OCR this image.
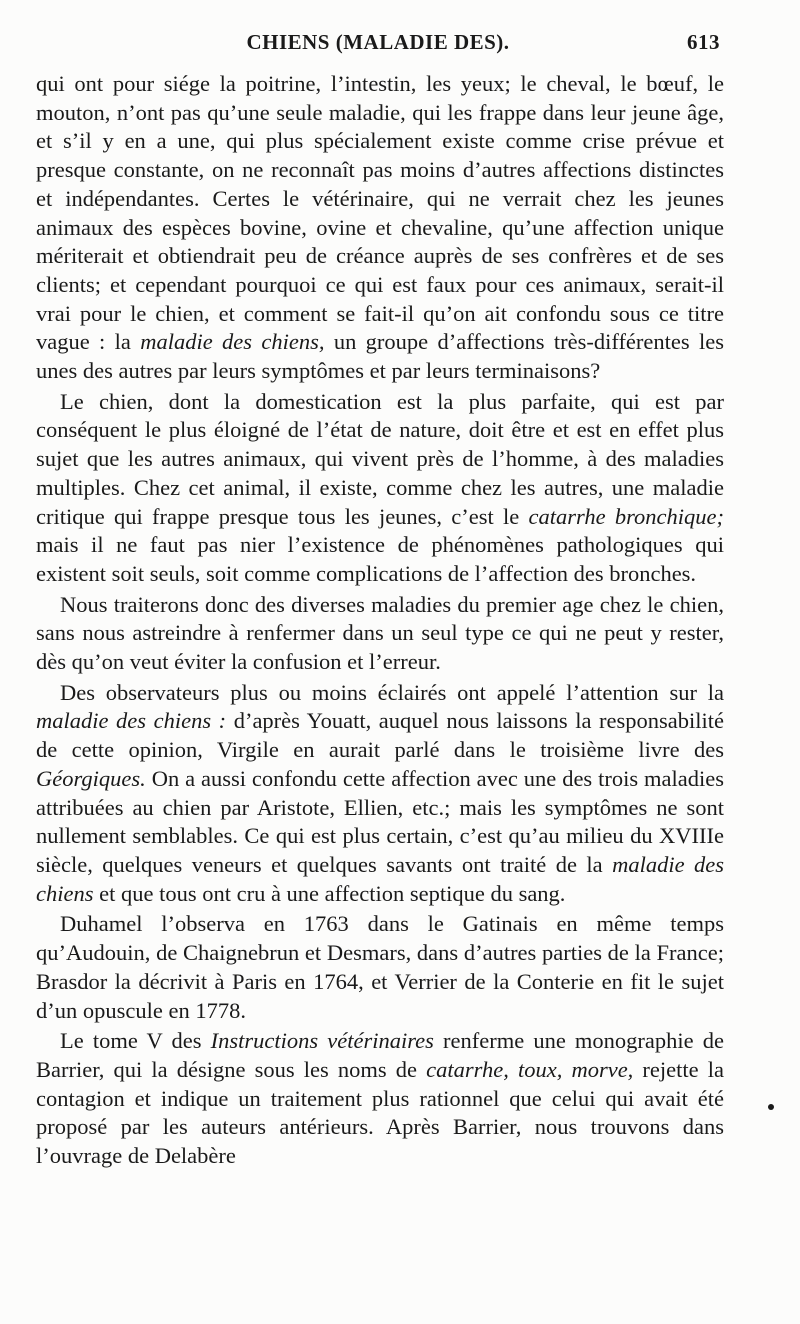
CHIENS (MALADIE DES).	613

qui ont pour siége la poitrine, l’intestin, les yeux; le cheval, le bœuf, le mouton, n’ont pas qu’une seule maladie, qui les frappe dans leur jeune âge, et s’il y en a une, qui plus spécialement existe comme crise prévue et presque constante, on ne reconnaît pas moins d’autres affections distinctes et indépendantes. Certes le vétérinaire, qui ne verrait chez les jeunes animaux des espèces bovine, ovine et chevaline, qu’une affection unique mériterait et obtiendrait peu de créance auprès de ses confrères et de ses clients; et cependant pourquoi ce qui est faux pour ces animaux, serait-il vrai pour le chien, et comment se fait-il qu’on ait confondu sous ce titre vague : la maladie des chiens, un groupe d’affections très-différentes les unes des autres par leurs symptômes et par leurs terminaisons?

Le chien, dont la domestication est la plus parfaite, qui est par conséquent le plus éloigné de l’état de nature, doit être et est en effet plus sujet que les autres animaux, qui vivent près de l’homme, à des maladies multiples. Chez cet animal, il existe, comme chez les autres, une maladie critique qui frappe presque tous les jeunes, c’est le catarrhe bronchique; mais il ne faut pas nier l’existence de phénomènes pathologiques qui existent soit seuls, soit comme complications de l’affection des bronches.

Nous traiterons donc des diverses maladies du premier age chez le chien, sans nous astreindre à renfermer dans un seul type ce qui ne peut y rester, dès qu’on veut éviter la confusion et l’erreur.

Des observateurs plus ou moins éclairés ont appelé l’attention sur la maladie des chiens : d’après Youatt, auquel nous laissons la responsabilité de cette opinion, Virgile en aurait parlé dans le troisième livre des Géorgiques. On a aussi confondu cette affection avec une des trois maladies attribuées au chien par Aristote, Ellien, etc.; mais les symptômes ne sont nullement semblables. Ce qui est plus certain, c’est qu’au milieu du XVIIIe siècle, quelques veneurs et quelques savants ont traité de la maladie des chiens et que tous ont cru à une affection septique du sang.

Duhamel l’observa en 1763 dans le Gatinais en même temps qu’Audouin, de Chaignebrun et Desmars, dans d’autres parties de la France; Brasdor la décrivit à Paris en 1764, et Verrier de la Conterie en fit le sujet d’un opuscule en 1778.

Le tome V des Instructions vétérinaires renferme une monographie de Barrier, qui la désigne sous les noms de catarrhe, toux, morve, rejette la contagion et indique un traitement plus rationnel que celui qui avait été proposé par les auteurs antérieurs. Après Barrier, nous trouvons dans l’ouvrage de Delabère
